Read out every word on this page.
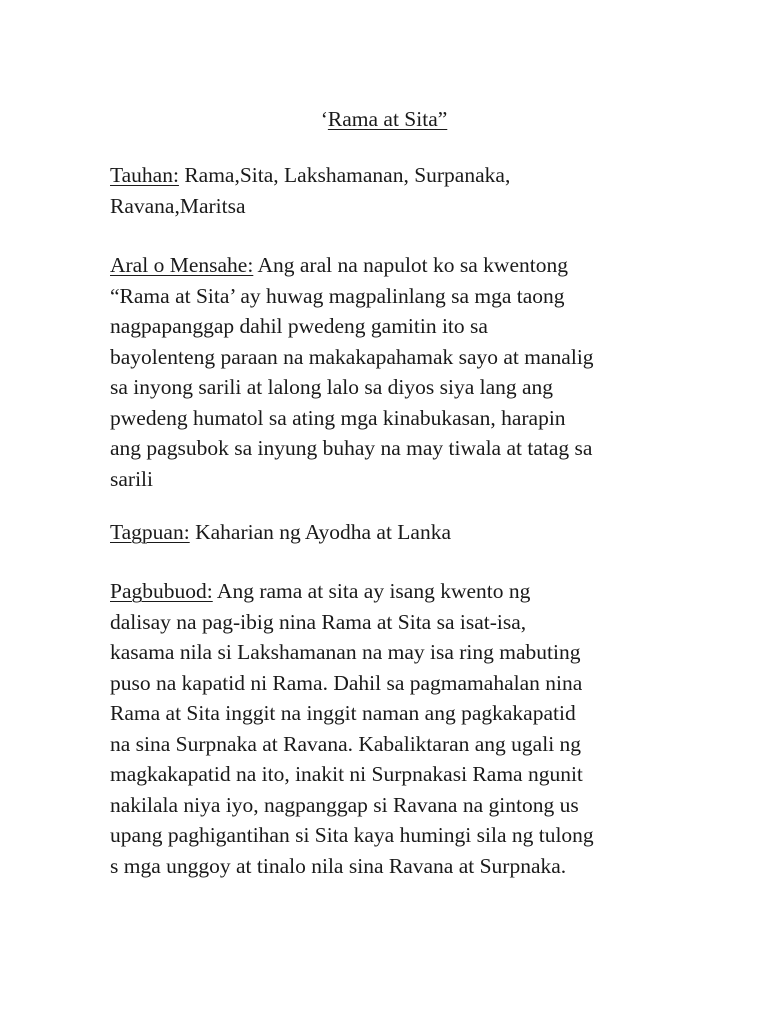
‘Rama at Sita”

Tauhan: Rama,Sita, Lakshamanan, Surpanaka,
Ravana,Maritsa

Aral o Mensahe: Ang aral na napulot ko sa kwentong
“Rama at Sita’ ay huwag magpalinlang sa mga taong
nagpapanggap dahil pwedeng gamitin ito sa
bayolenteng paraan na makakapahamak sayo at manalig
sa inyong sarili at lalong lalo sa diyos siya lang ang
pwedeng humatol sa ating mga kinabukasan, harapin
ang pagsubok sa inyung buhay na may tiwala at tatag sa
sarili

Tagpuan: Kaharian ng Ayodha at Lanka

Pagbubuod: Ang rama at sita ay isang kwento ng
dalisay na pag-ibig nina Rama at Sita sa isat-isa,
kasama nila si Lakshamanan na may isa ring mabuting
puso na kapatid ni Rama. Dahil sa pagmamahalan nina
Rama at Sita inggit na inggit naman ang pagkakapatid
na sina Surpnaka at Ravana. Kabaliktaran ang ugali ng
magkakapatid na ito, inakit ni Surpnakasi Rama ngunit
nakilala niya iyo, nagpanggap si Ravana na gintong us
upang paghigantihan si Sita kaya humingi sila ng tulong
s mga unggoy at tinalo nila sina Ravana at Surpnaka.
